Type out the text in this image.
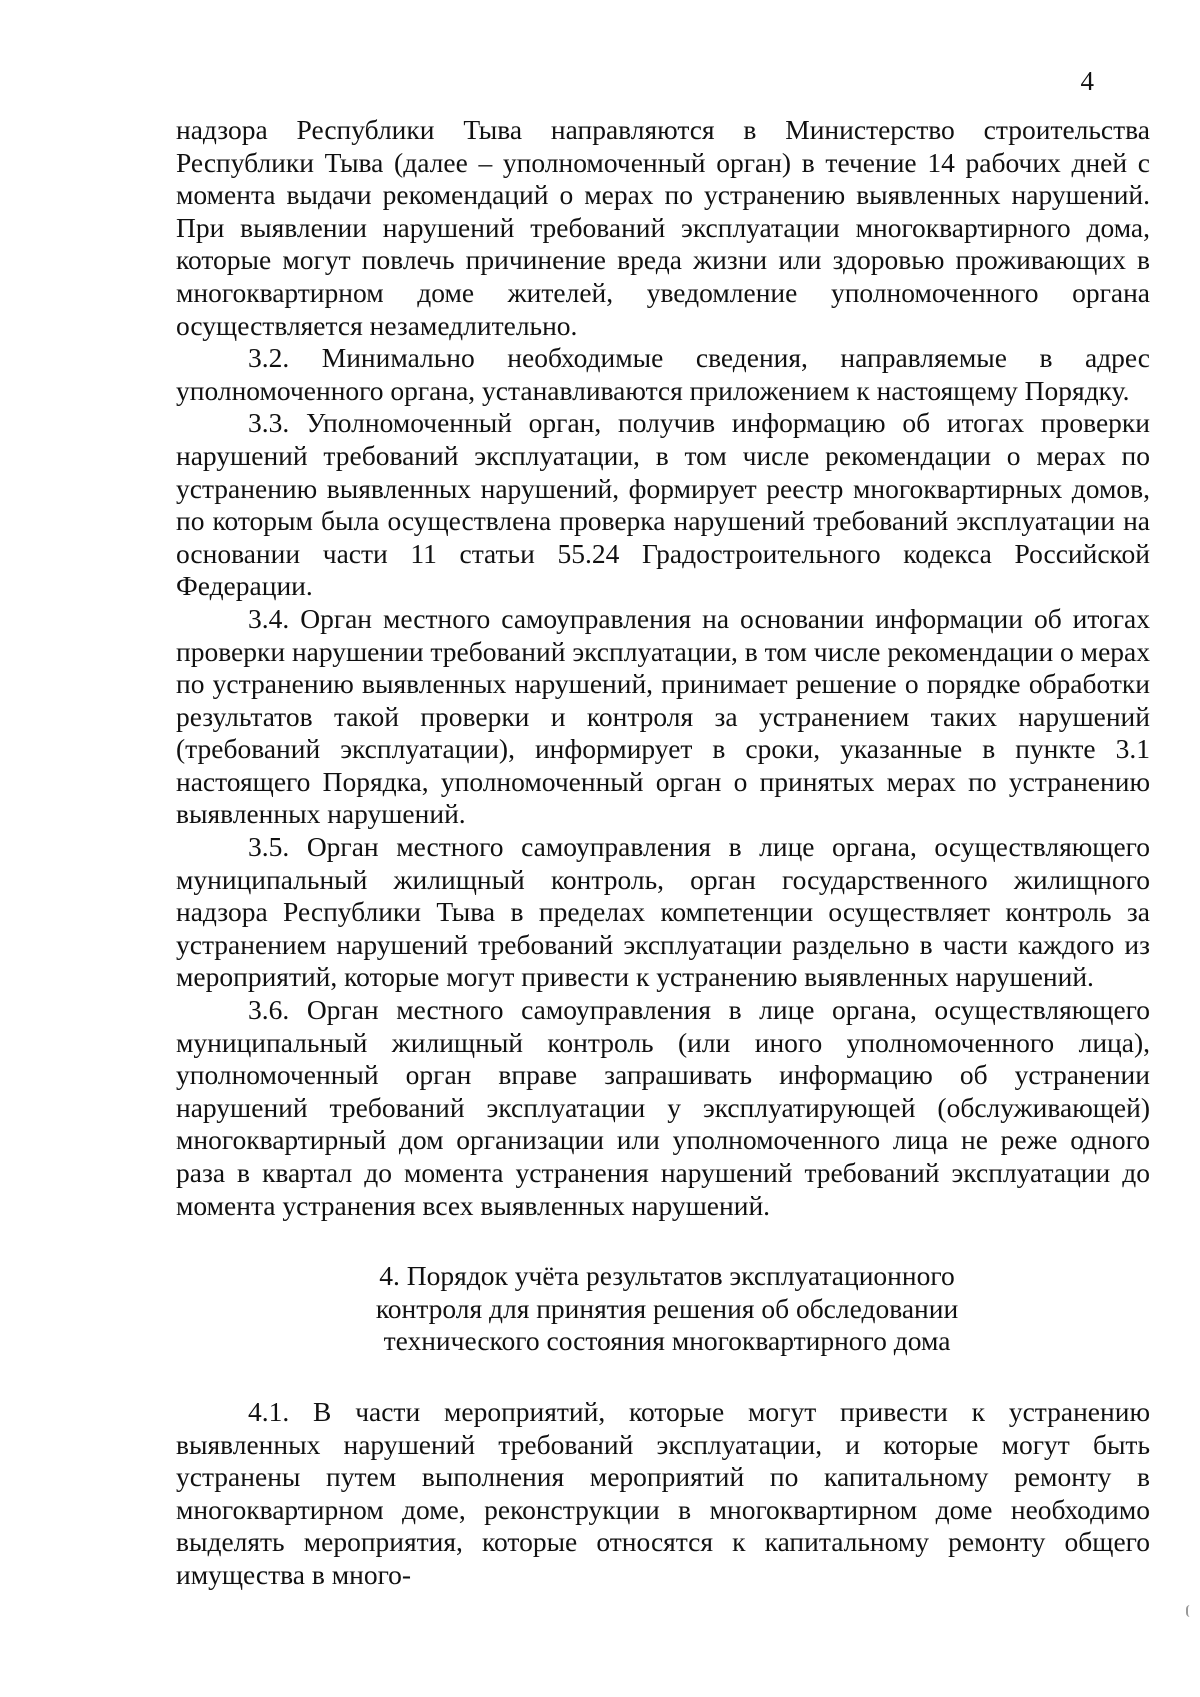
4

надзора Республики Тыва направляются в Министерство строительства Республики Тыва (далее – уполномоченный орган) в течение 14 рабочих дней с момента выдачи рекомендаций о мерах по устранению выявленных нарушений. При выявлении нарушений требований эксплуатации многоквартирного дома, которые могут повлечь причинение вреда жизни или здоровью проживающих в многоквартирном доме жителей, уведомление уполномоченного органа осуществляется незамедлительно.

3.2. Минимально необходимые сведения, направляемые в адрес уполномоченного органа, устанавливаются приложением к настоящему Порядку.

3.3. Уполномоченный орган, получив информацию об итогах проверки нарушений требований эксплуатации, в том числе рекомендации о мерах по устранению выявленных нарушений, формирует реестр многоквартирных домов, по которым была осуществлена проверка нарушений требований эксплуатации на основании части 11 статьи 55.24 Градостроительного кодекса Российской Федерации.

3.4. Орган местного самоуправления на основании информации об итогах проверки нарушении требований эксплуатации, в том числе рекомендации о мерах по устранению выявленных нарушений, принимает решение о порядке обработки результатов такой проверки и контроля за устранением таких нарушений (требований эксплуатации), информирует в сроки, указанные в пункте 3.1 настоящего Порядка, уполномоченный орган о принятых мерах по устранению выявленных нарушений.

3.5. Орган местного самоуправления в лице органа, осуществляющего муниципальный жилищный контроль, орган государственного жилищного надзора Республики Тыва в пределах компетенции осуществляет контроль за устранением нарушений требований эксплуатации раздельно в части каждого из мероприятий, которые могут привести к устранению выявленных нарушений.

3.6. Орган местного самоуправления в лице органа, осуществляющего муниципальный жилищный контроль (или иного уполномоченного лица), уполномоченный орган вправе запрашивать информацию об устранении нарушений требований эксплуатации у эксплуатирующей (обслуживающей) многоквартирный дом организации или уполномоченного лица не реже одного раза в квартал до момента устранения нарушений требований эксплуатации до момента устранения всех выявленных нарушений.

4. Порядок учёта результатов эксплуатационного
контроля для принятия решения об обследовании
технического состояния многоквартирного дома

4.1. В части мероприятий, которые могут привести к устранению выявленных нарушений требований эксплуатации, и которые могут быть устранены путем выполнения мероприятий по капитальному ремонту в многоквартирном доме, реконструкции в многоквартирном доме необходимо выделять мероприятия, которые относятся к капитальному ремонту общего имущества в много-
